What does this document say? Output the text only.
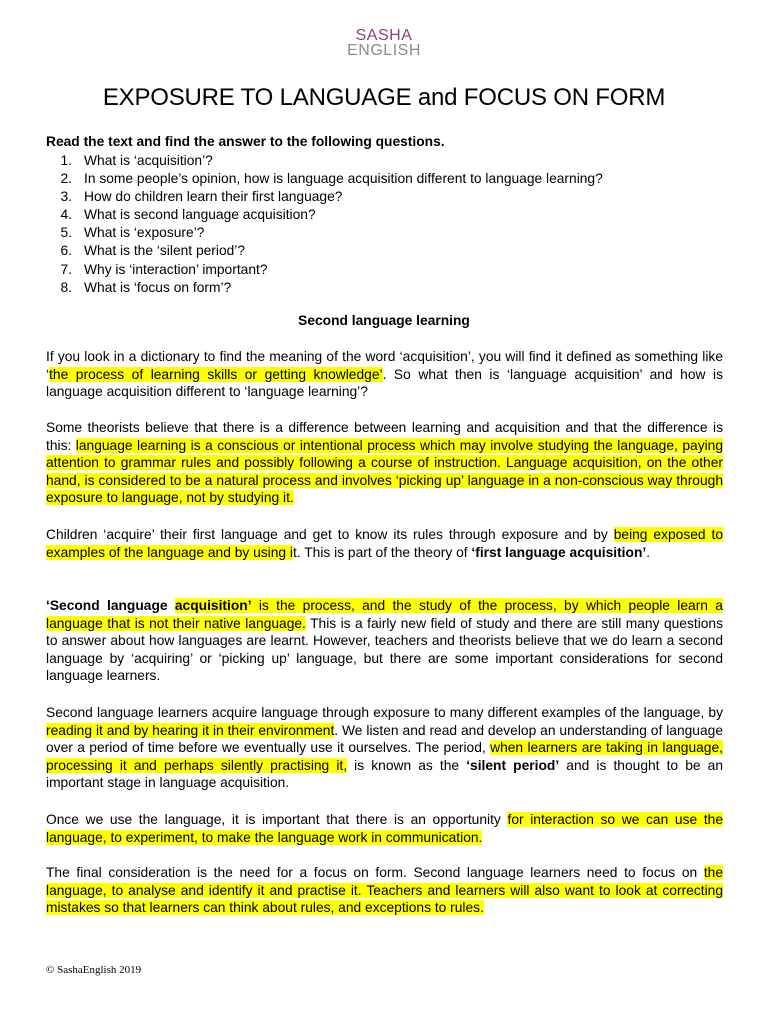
SASHA
ENGLISH
EXPOSURE TO LANGUAGE and FOCUS ON FORM

Read the text and find the answer to the following questions.

1. What is ‘acquisition’?
2. In some people’s opinion, how is language acquisition different to language learning?
3. How do children learn their first language?
4. What is second language acquisition?
5. What is ‘exposure’?
6. What is the ‘silent period’?
7. Why is ‘interaction’ important?
8. What is ‘focus on form’?
Second language learning

If you look in a dictionary to find the meaning of the word ‘acquisition’, you will find it defined as something like ‘the process of learning skills or getting knowledge’. So what then is ‘language acquisition’ and how is language acquisition different to ‘language learning’?

Some theorists believe that there is a difference between learning and acquisition and that the difference is this: language learning is a conscious or intentional process which may involve studying the language, paying attention to grammar rules and possibly following a course of instruction. Language acquisition, on the other hand, is considered to be a natural process and involves ‘picking up’ language in a non-conscious way through exposure to language, not by studying it.

Children ‘acquire’ their first language and get to know its rules through exposure and by being exposed to examples of the language and by using it. This is part of the theory of ‘first language acquisition’.

‘Second language acquisition’ is the process, and the study of the process, by which people learn a language that is not their native language. This is a fairly new field of study and there are still many questions to answer about how languages are learnt. However, teachers and theorists believe that we do learn a second language by ‘acquiring’ or ‘picking up’ language, but there are some important considerations for second language learners.

Second language learners acquire language through exposure to many different examples of the language, by reading it and by hearing it in their environment. We listen and read and develop an understanding of language over a period of time before we eventually use it ourselves. The period, when learners are taking in language, processing it and perhaps silently practising it, is known as the ‘silent period’ and is thought to be an important stage in language acquisition.

Once we use the language, it is important that there is an opportunity for interaction so we can use the language, to experiment, to make the language work in communication.

The final consideration is the need for a focus on form. Second language learners need to focus on the language, to analyse and identify it and practise it. Teachers and learners will also want to look at correcting mistakes so that learners can think about rules, and exceptions to rules.

© SashaEnglish 2019
